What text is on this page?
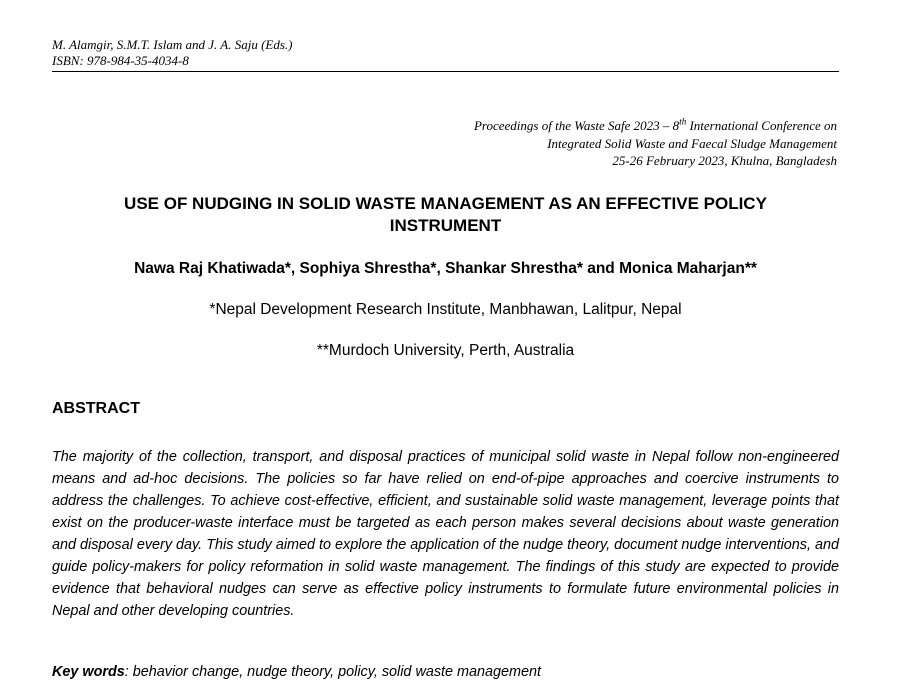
M. Alamgir, S.M.T. Islam and J. A. Saju (Eds.)
ISBN: 978-984-35-4034-8
Proceedings of the Waste Safe 2023 – 8th International Conference on
Integrated Solid Waste and Faecal Sludge Management
25-26 February 2023, Khulna, Bangladesh
USE OF NUDGING IN SOLID WASTE MANAGEMENT AS AN EFFECTIVE POLICY
INSTRUMENT
Nawa Raj Khatiwada*, Sophiya Shrestha*, Shankar Shrestha* and Monica Maharjan**
*Nepal Development Research Institute, Manbhawan, Lalitpur, Nepal
**Murdoch University, Perth, Australia
ABSTRACT
The majority of the collection, transport, and disposal practices of municipal solid waste in Nepal follow non-engineered means and ad-hoc decisions. The policies so far have relied on end-of-pipe approaches and coercive instruments to address the challenges. To achieve cost-effective, efficient, and sustainable solid waste management, leverage points that exist on the producer-waste interface must be targeted as each person makes several decisions about waste generation and disposal every day. This study aimed to explore the application of the nudge theory, document nudge interventions, and guide policy-makers for policy reformation in solid waste management. The findings of this study are expected to provide evidence that behavioral nudges can serve as effective policy instruments to formulate future environmental policies in Nepal and other developing countries.
Key words: behavior change, nudge theory, policy, solid waste management
